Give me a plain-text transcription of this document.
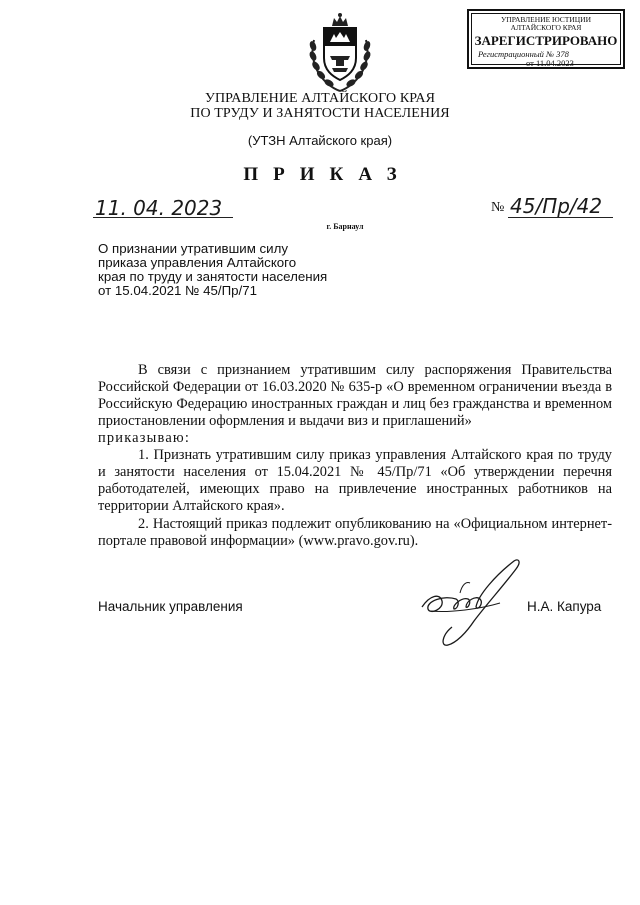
УПРАВЛЕНИЕ ЮСТИЦИИ
АЛТАЙСКОГО КРАЯ
ЗАРЕГИСТРИРОВАНО
Регистрационный № 378
от 11.04.2023
УПРАВЛЕНИЕ АЛТАЙСКОГО КРАЯ
ПО ТРУДУ И ЗАНЯТОСТИ НАСЕЛЕНИЯ
(УТЗН Алтайского края)
ПРИКАЗ
11. 04. 2023
г. Барнаул
№ 45/Пр/42
О признании утратившим силу
приказа управления Алтайского
края по труду и занятости населения
от 15.04.2021 № 45/Пр/71
В связи с признанием утратившим силу распоряжения Правительства Российской Федерации от 16.03.2020 № 635-р «О временном ограничении въезда в Российскую Федерацию иностранных граждан и лиц без гражданства и временном приостановлении оформления и выдачи виз и приглашений»
приказываю:
1. Признать утратившим силу приказ управления Алтайского края по труду и занятости населения от 15.04.2021 № 45/Пр/71 «Об утверждении перечня работодателей, имеющих право на привлечение иностранных работников на территории Алтайского края».
2. Настоящий приказ подлежит опубликованию на «Официальном интернет-портале правовой информации» (www.pravo.gov.ru).
Начальник управления	Н.А. Капура
